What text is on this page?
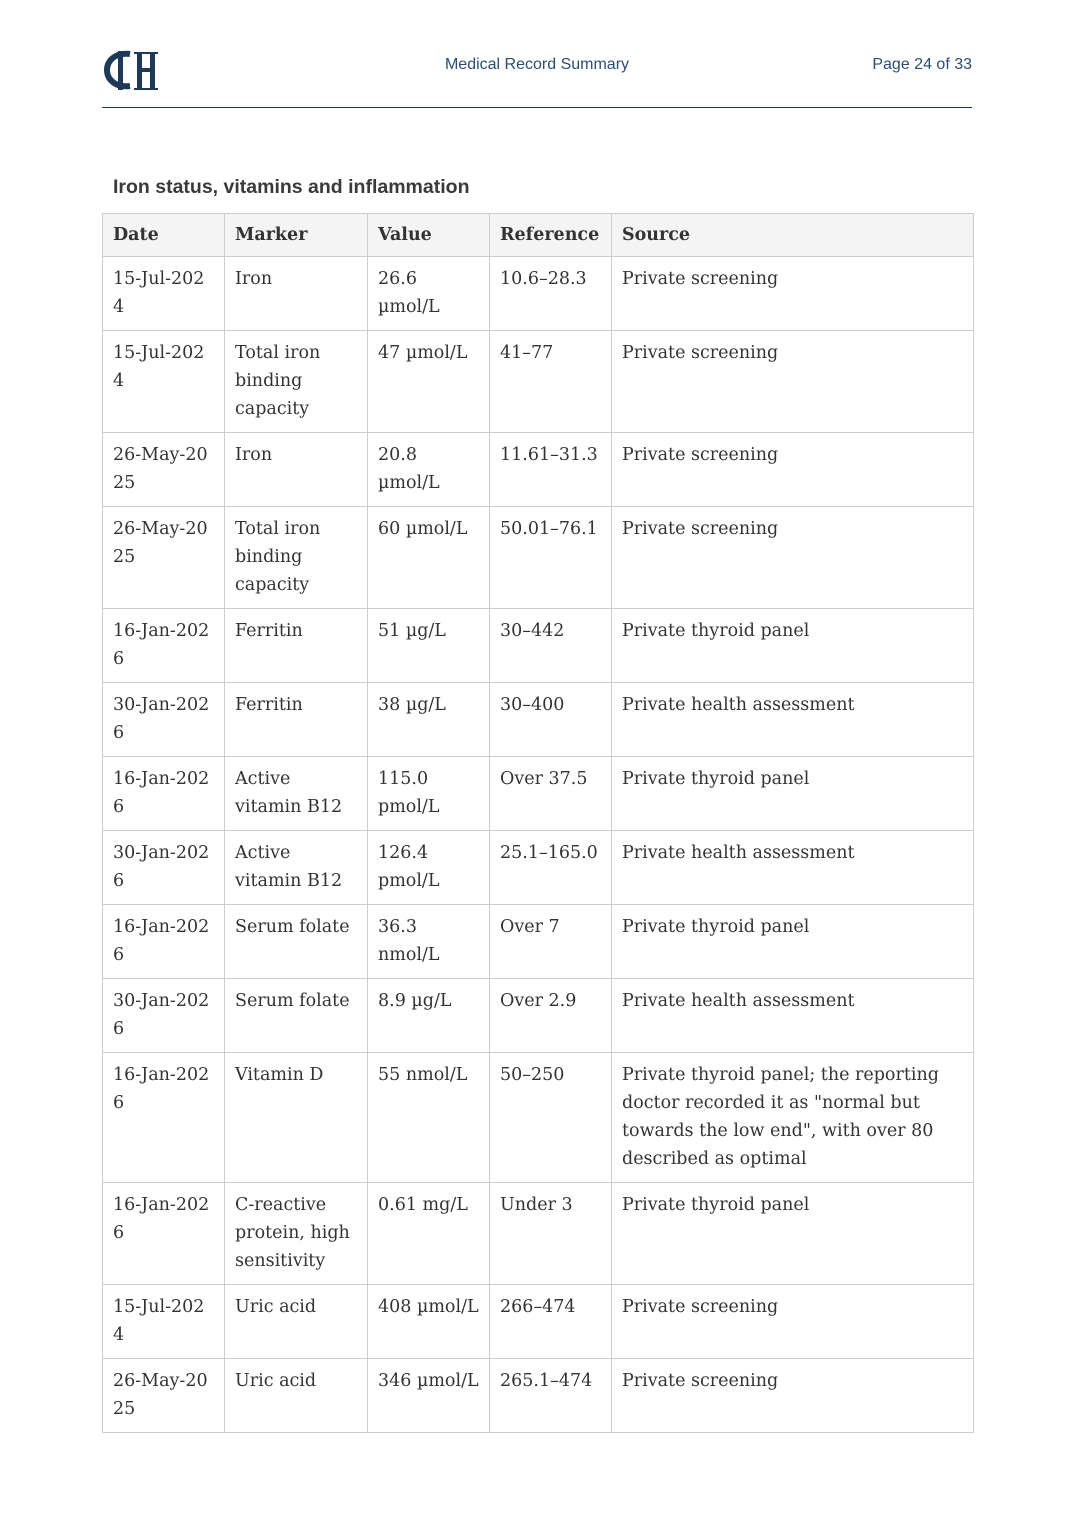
Medical Record Summary	Page 24 of 33
Iron status, vitamins and inflammation
Date	Marker	Value	Reference	Source
15-Jul-2024	Iron	26.6 µmol/L	10.6–28.3	Private screening
15-Jul-2024	Total iron binding capacity	47 µmol/L	41–77	Private screening
26-May-2025	Iron	20.8 µmol/L	11.61–31.3	Private screening
26-May-2025	Total iron binding capacity	60 µmol/L	50.01–76.1	Private screening
16-Jan-2026	Ferritin	51 µg/L	30–442	Private thyroid panel
30-Jan-2026	Ferritin	38 µg/L	30–400	Private health assessment
16-Jan-2026	Active vitamin B12	115.0 pmol/L	Over 37.5	Private thyroid panel
30-Jan-2026	Active vitamin B12	126.4 pmol/L	25.1–165.0	Private health assessment
16-Jan-2026	Serum folate	36.3 nmol/L	Over 7	Private thyroid panel
30-Jan-2026	Serum folate	8.9 µg/L	Over 2.9	Private health assessment
16-Jan-2026	Vitamin D	55 nmol/L	50–250	Private thyroid panel; the reporting doctor recorded it as "normal but towards the low end", with over 80 described as optimal
16-Jan-2026	C-reactive protein, high sensitivity	0.61 mg/L	Under 3	Private thyroid panel
15-Jul-2024	Uric acid	408 µmol/L	266–474	Private screening
26-May-2025	Uric acid	346 µmol/L	265.1–474	Private screening
